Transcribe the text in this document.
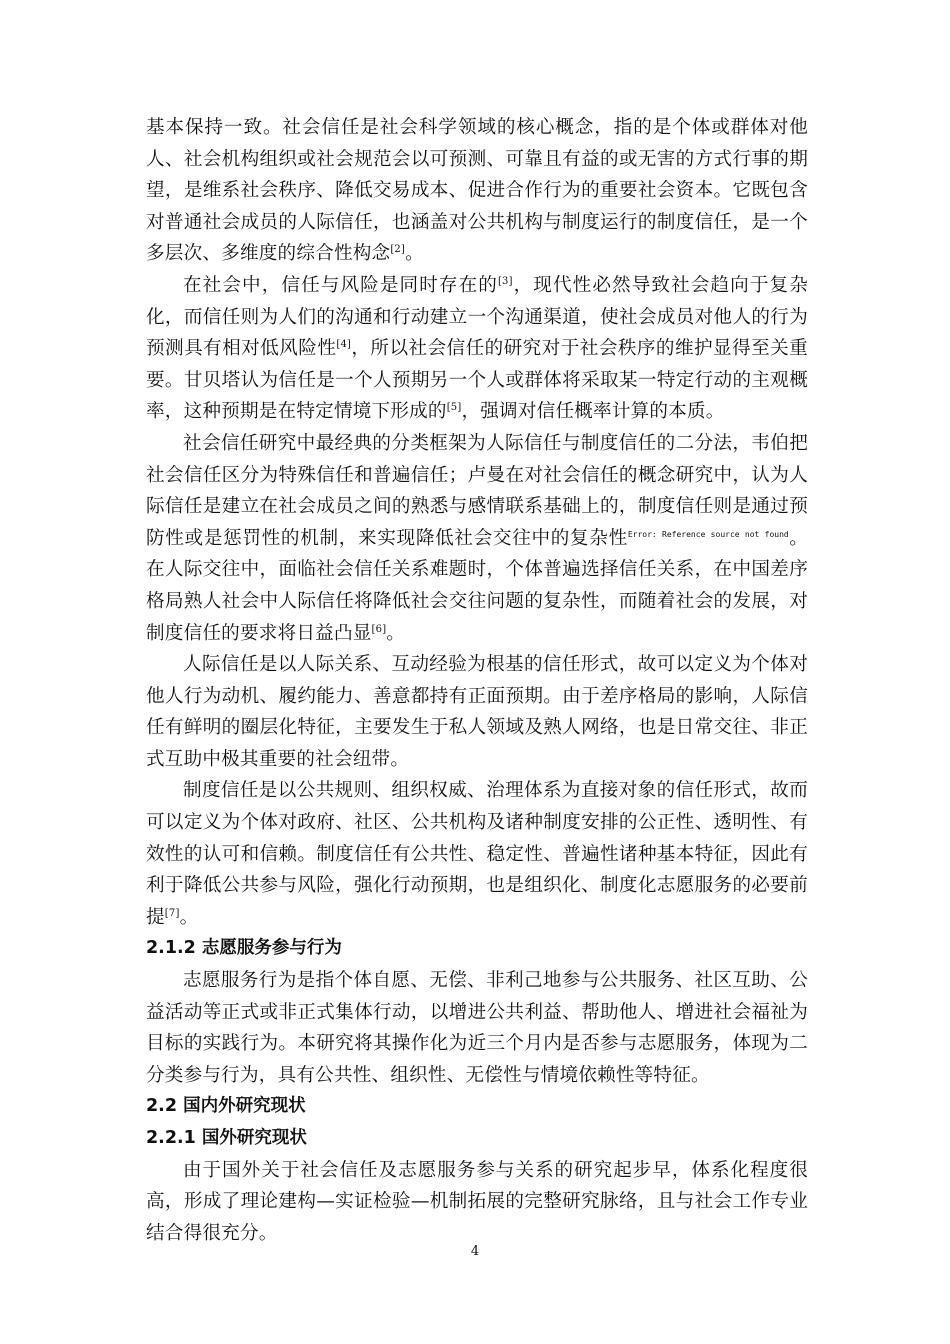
基本保持一致。社会信任是社会科学领域的核心概念，指的是个体或群体对他人、社会机构组织或社会规范会以可预测、可靠且有益的或无害的方式行事的期望，是维系社会秩序、降低交易成本、促进合作行为的重要社会资本。它既包含对普通社会成员的人际信任，也涵盖对公共机构与制度运行的制度信任，是一个多层次、多维度的综合性构念[2]。

在社会中，信任与风险是同时存在的[3]，现代性必然导致社会趋向于复杂化，而信任则为人们的沟通和行动建立一个沟通渠道，使社会成员对他人的行为预测具有相对低风险性[4]，所以社会信任的研究对于社会秩序的维护显得至关重要。甘贝塔认为信任是一个人预期另一个人或群体将采取某一特定行动的主观概率，这种预期是在特定情境下形成的[5]，强调对信任概率计算的本质。

社会信任研究中最经典的分类框架为人际信任与制度信任的二分法，韦伯把社会信任区分为特殊信任和普遍信任；卢曼在对社会信任的概念研究中，认为人际信任是建立在社会成员之间的熟悉与感情联系基础上的，制度信任则是通过预防性或是惩罚性的机制，来实现降低社会交往中的复杂性$^{Error: Reference source not found}$。在人际交往中，面临社会信任关系难题时，个体普遍选择信任关系，在中国差序格局熟人社会中人际信任将降低社会交往问题的复杂性，而随着社会的发展，对制度信任的要求将日益凸显[6]。

人际信任是以人际关系、互动经验为根基的信任形式，故可以定义为个体对他人行为动机、履约能力、善意都持有正面预期。由于差序格局的影响，人际信任有鲜明的圈层化特征，主要发生于私人领域及熟人网络，也是日常交往、非正式互助中极其重要的社会纽带。

制度信任是以公共规则、组织权威、治理体系为直接对象的信任形式，故而可以定义为个体对政府、社区、公共机构及诸种制度安排的公正性、透明性、有效性的认可和信赖。制度信任有公共性、稳定性、普遍性诸种基本特征，因此有利于降低公共参与风险，强化行动预期，也是组织化、制度化志愿服务的必要前提[7]。

2.1.2 志愿服务参与行为

志愿服务行为是指个体自愿、无偿、非利己地参与公共服务、社区互助、公益活动等正式或非正式集体行动，以增进公共利益、帮助他人、增进社会福祉为目标的实践行为。本研究将其操作化为近三个月内是否参与志愿服务，体现为二分类参与行为，具有公共性、组织性、无偿性与情境依赖性等特征。

2.2 国内外研究现状
2.2.1 国外研究现状

由于国外关于社会信任及志愿服务参与关系的研究起步早，体系化程度很高，形成了理论建构—实证检验—机制拓展的完整研究脉络，且与社会工作专业结合得很充分。

4
